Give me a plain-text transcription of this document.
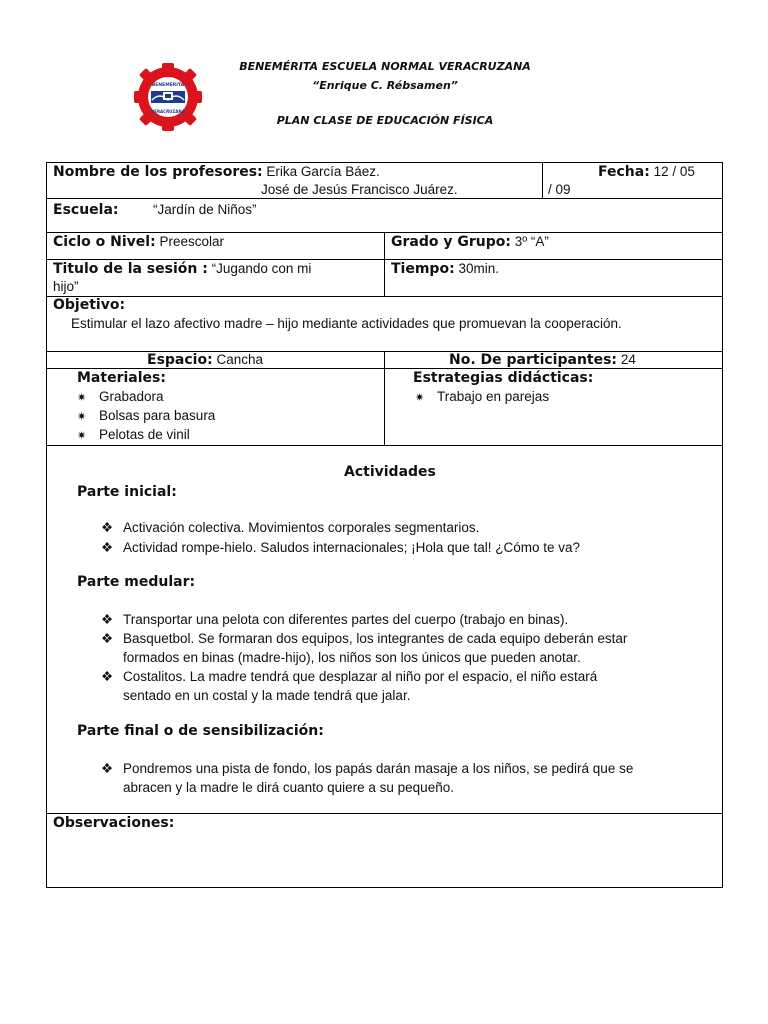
BENEMÉRITA
VERACRUZANA
BENEMÉRITA ESCUELA NORMAL VERACRUZANA
“Enrique C. Rébsamen”
PLAN CLASE DE EDUCACIÓN FÍSICA
Nombre de los profesores: Erika García Báez.
José de Jesús Francisco Juárez.
Fecha: 12 / 05
/ 09
Escuela:	“Jardín de Niños”
Ciclo o Nivel: Preescolar	Grado y Grupo: 3º “A”
Titulo de la sesión : “Jugando con mi
hijo”
Tiempo: 30min.
Objetivo:
Estimular el lazo afectivo madre – hijo mediante actividades que promuevan la cooperación.
Espacio: Cancha	No. De participantes: 24
Materiales:
✷ Grabadora
✷ Bolsas para basura
✷ Pelotas de vinil
Estrategias didácticas:
✷ Trabajo en parejas
Actividades
Parte inicial:
❖ Activación colectiva. Movimientos corporales segmentarios.
❖ Actividad rompe-hielo. Saludos internacionales; ¡Hola que tal! ¿Cómo te va?
Parte medular:
❖ Transportar una pelota con diferentes partes del cuerpo (trabajo en binas).
❖ Basquetbol. Se formaran dos equipos, los integrantes de cada equipo deberán estar
formados en binas (madre-hijo), los niños son los únicos que pueden anotar.
❖ Costalitos. La madre tendrá que desplazar al niño por el espacio, el niño estará
sentado en un costal y la made tendrá que jalar.
Parte final o de sensibilización:
❖ Pondremos una pista de fondo, los papás darán masaje a los niños, se pedirá que se
abracen y la madre le dirá cuanto quiere a su pequeño.
Observaciones:
